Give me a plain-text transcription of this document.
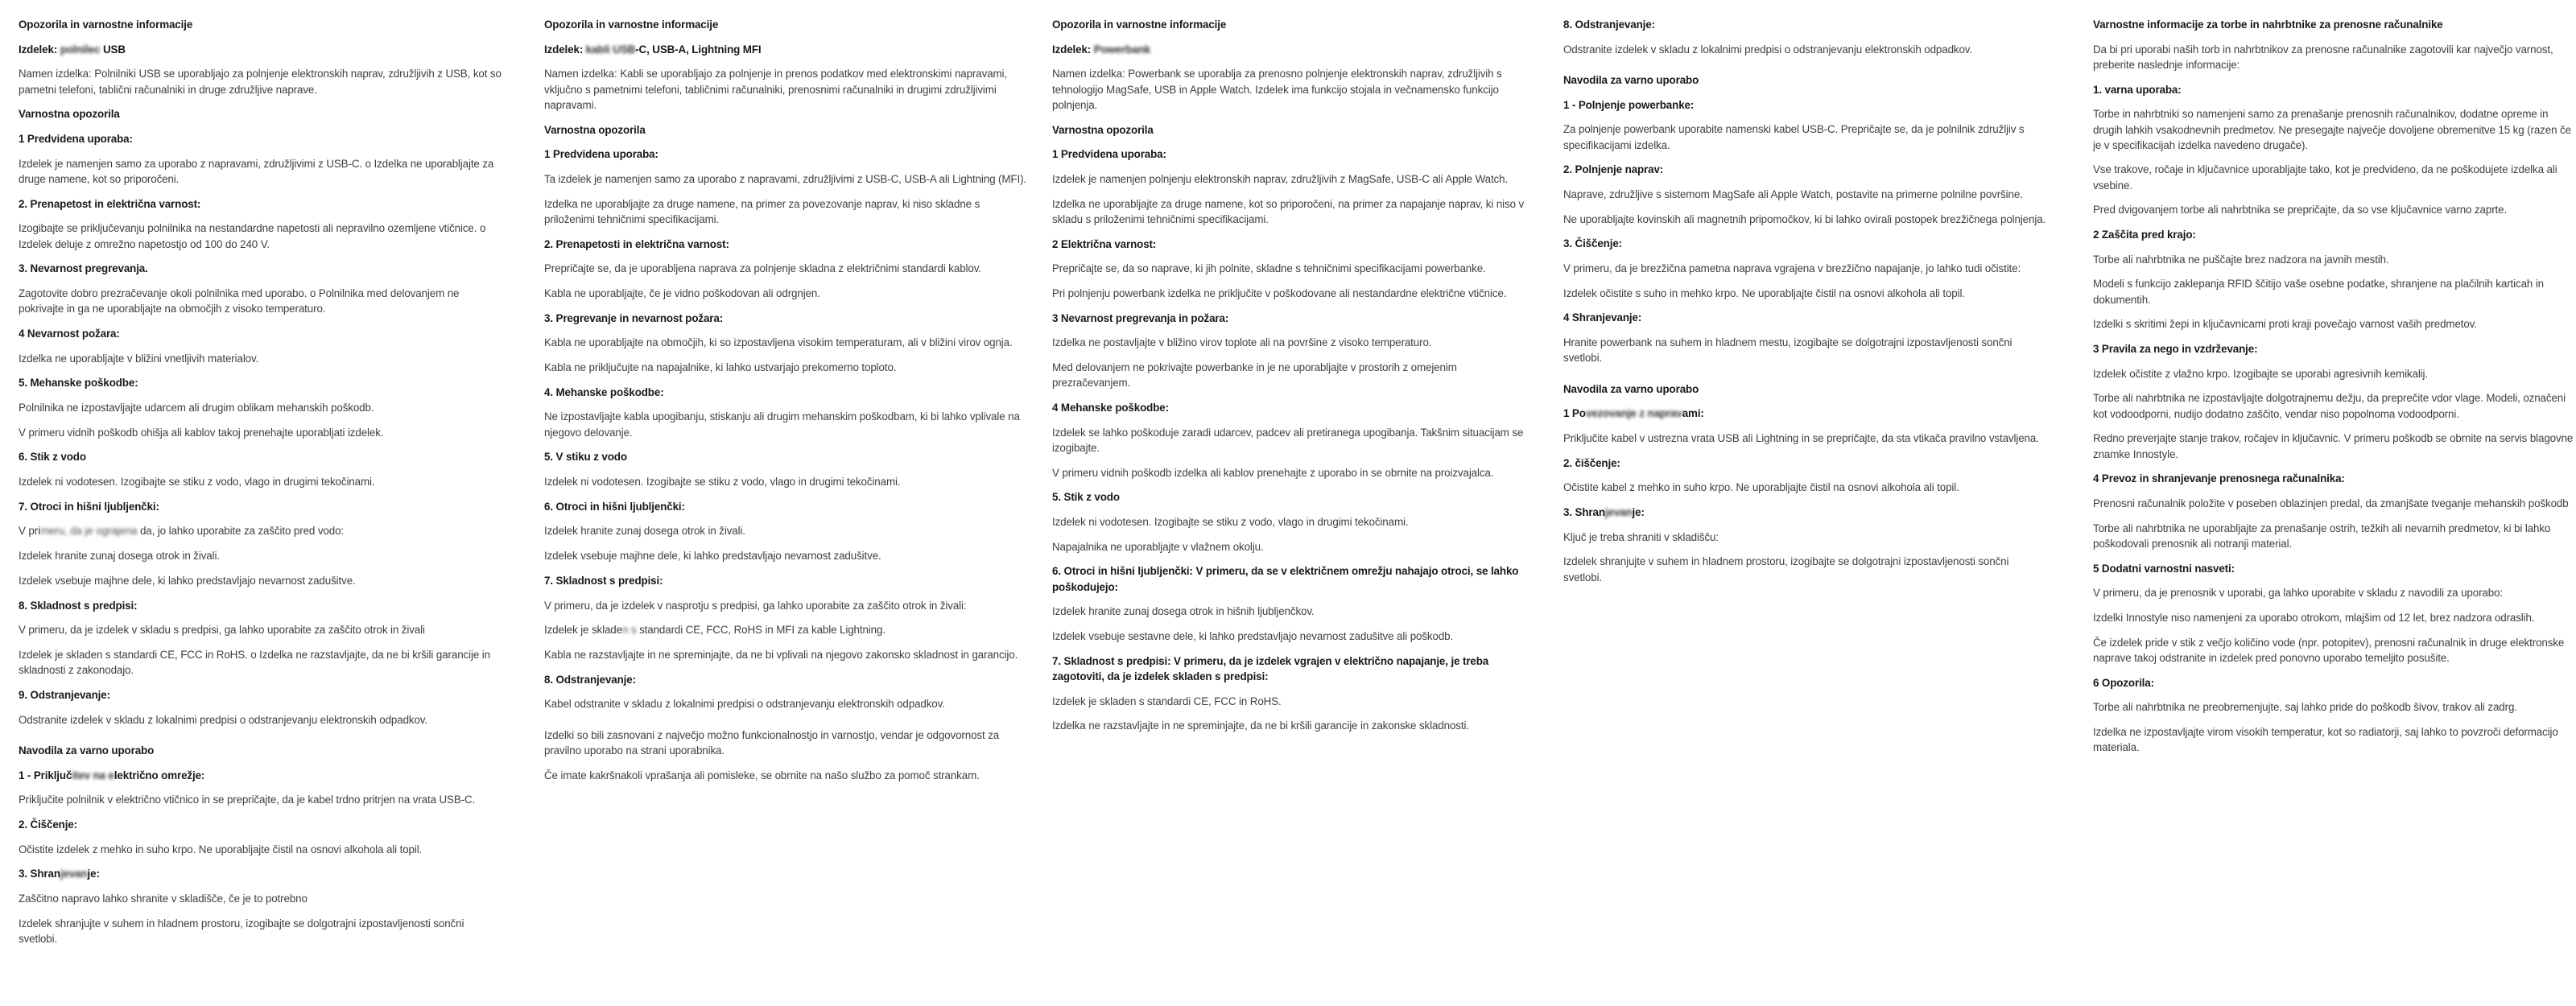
Opozorila in varnostne informacije
Izdelek: polnilec USB

Namen izdelka: Polnilniki USB se uporabljajo za polnjenje elektronskih naprav, združljivih z USB, kot so pametni telefoni, tablični računalniki in druge združljive naprave.

Varnostna opozorila
1 Predvidena uporaba:

Izdelek je namenjen samo za uporabo z napravami, združljivimi z USB-C. o Izdelka ne uporabljajte za druge namene, kot so priporočeni.

2. Prenapetost in električna varnost:

Izogibajte se priključevanju polnilnika na nestandardne napetosti ali nepravilno ozemljene vtičnice. o Izdelek deluje z omrežno napetostjo od 100 do 240 V.

3. Nevarnost pregrevanja.

Zagotovite dobro prezračevanje okoli polnilnika med uporabo. o Polnilnika med delovanjem ne pokrivajte in ga ne uporabljajte na območjih z visoko temperaturo.

4 Nevarnost požara:

Izdelka ne uporabljajte v bližini vnetljivih materialov.

5. Mehanske poškodbe:

Polnilnika ne izpostavljajte udarcem ali drugim oblikam mehanskih poškodb.

V primeru vidnih poškodb ohišja ali kablov takoj prenehajte uporabljati izdelek.

6. Stik z vodo

Izdelek ni vodotesen. Izogibajte se stiku z vodo, vlago in drugimi tekočinami.

7. Otroci in hišni ljubljenčki:

V primeru, da je ograjena da, jo lahko uporabite za zaščito pred vodo:

Izdelek hranite zunaj dosega otrok in živali.

Izdelek vsebuje majhne dele, ki lahko predstavljajo nevarnost zadušitve.

8. Skladnost s predpisi:

V primeru, da je izdelek v skladu s predpisi, ga lahko uporabite za zaščito otrok in živali

Izdelek je skladen s standardi CE, FCC in RoHS. o Izdelka ne razstavljajte, da ne bi kršili garancije in skladnosti z zakonodajo.

9. Odstranjevanje:

Odstranite izdelek v skladu z lokalnimi predpisi o odstranjevanju elektronskih odpadkov.

Navodila za varno uporabo
1 - Priključitev na električno omrežje:

Priključite polnilnik v električno vtičnico in se prepričajte, da je kabel trdno pritrjen na vrata USB-C.

2. Čiščenje:

Očistite izdelek z mehko in suho krpo. Ne uporabljajte čistil na osnovi alkohola ali topil.

3. Shranjevanje:

Zaščitno napravo lahko shranite v skladišče, če je to potrebno

Izdelek shranjujte v suhem in hladnem prostoru, izogibajte se dolgotrajni izpostavljenosti sončni svetlobi.

Opozorila in varnostne informacije
Izdelek: kabli USB-C, USB-A, Lightning MFI

Namen izdelka: Kabli se uporabljajo za polnjenje in prenos podatkov med elektronskimi napravami, vključno s pametnimi telefoni, tabličnimi računalniki, prenosnimi računalniki in drugimi združljivimi napravami.

Varnostna opozorila
1 Predvidena uporaba:

Ta izdelek je namenjen samo za uporabo z napravami, združljivimi z USB-C, USB-A ali Lightning (MFI).

Izdelka ne uporabljajte za druge namene, na primer za povezovanje naprav, ki niso skladne s priloženimi tehničnimi specifikacijami.

2. Prenapetosti in električna varnost:

Prepričajte se, da je uporabljena naprava za polnjenje skladna z električnimi standardi kablov.

Kabla ne uporabljajte, če je vidno poškodovan ali odrgnjen.

3. Pregrevanje in nevarnost požara:

Kabla ne uporabljajte na območjih, ki so izpostavljena visokim temperaturam, ali v bližini virov ognja.

Kabla ne priključujte na napajalnike, ki lahko ustvarjajo prekomerno toploto.

4. Mehanske poškodbe:

Ne izpostavljajte kabla upogibanju, stiskanju ali drugim mehanskim poškodbam, ki bi lahko vplivale na njegovo delovanje.

5. V stiku z vodo

Izdelek ni vodotesen. Izogibajte se stiku z vodo, vlago in drugimi tekočinami.

6. Otroci in hišni ljubljenčki:

Izdelek hranite zunaj dosega otrok in živali.

Izdelek vsebuje majhne dele, ki lahko predstavljajo nevarnost zadušitve.

7. Skladnost s predpisi:

V primeru, da je izdelek v nasprotju s predpisi, ga lahko uporabite za zaščito otrok in živali:

Izdelek je skladen s standardi CE, FCC, RoHS in MFI za kable Lightning.

Kabla ne razstavljajte in ne spreminjajte, da ne bi vplivali na njegovo zakonsko skladnost in garancijo.

8. Odstranjevanje:

Kabel odstranite v skladu z lokalnimi predpisi o odstranjevanju elektronskih odpadkov.

Izdelki so bili zasnovani z največjo možno funkcionalnostjo in varnostjo, vendar je odgovornost za pravilno uporabo na strani uporabnika.

Če imate kakršnakoli vprašanja ali pomisleke, se obrnite na našo službo za pomoč strankam.

Opozorila in varnostne informacije
Izdelek: Powerbank

Namen izdelka: Powerbank se uporablja za prenosno polnjenje elektronskih naprav, združljivih s tehnologijo MagSafe, USB in Apple Watch. Izdelek ima funkcijo stojala in večnamensko funkcijo polnjenja.

Varnostna opozorila
1 Predvidena uporaba:

Izdelek je namenjen polnjenju elektronskih naprav, združljivih z MagSafe, USB-C ali Apple Watch.

Izdelka ne uporabljajte za druge namene, kot so priporočeni, na primer za napajanje naprav, ki niso v skladu s priloženimi tehničnimi specifikacijami.

2 Električna varnost:

Prepričajte se, da so naprave, ki jih polnite, skladne s tehničnimi specifikacijami powerbanke.

Pri polnjenju powerbank izdelka ne priključite v poškodovane ali nestandardne električne vtičnice.

3 Nevarnost pregrevanja in požara:

Izdelka ne postavljajte v bližino virov toplote ali na površine z visoko temperaturo.

Med delovanjem ne pokrivajte powerbanke in je ne uporabljajte v prostorih z omejenim prezračevanjem.

4 Mehanske poškodbe:

Izdelek se lahko poškoduje zaradi udarcev, padcev ali pretiranega upogibanja. Takšnim situacijam se izogibajte.

V primeru vidnih poškodb izdelka ali kablov prenehajte z uporabo in se obrnite na proizvajalca.

5. Stik z vodo

Izdelek ni vodotesen. Izogibajte se stiku z vodo, vlago in drugimi tekočinami.

Napajalnika ne uporabljajte v vlažnem okolju.

6. Otroci in hišni ljubljenčki: V primeru, da se v električnem omrežju nahajajo otroci, se lahko poškodujejo:

Izdelek hranite zunaj dosega otrok in hišnih ljubljenčkov.

Izdelek vsebuje sestavne dele, ki lahko predstavljajo nevarnost zadušitve ali poškodb.

7. Skladnost s predpisi: V primeru, da je izdelek vgrajen v električno napajanje, je treba zagotoviti, da je izdelek skladen s predpisi:

Izdelek je skladen s standardi CE, FCC in RoHS.

Izdelka ne razstavljajte in ne spreminjajte, da ne bi kršili garancije in zakonske skladnosti.

8. Odstranjevanje:

Odstranite izdelek v skladu z lokalnimi predpisi o odstranjevanju elektronskih odpadkov.

Navodila za varno uporabo
1 - Polnjenje powerbanke:

Za polnjenje powerbank uporabite namenski kabel USB-C. Prepričajte se, da je polnilnik združljiv s specifikacijami izdelka.

2. Polnjenje naprav:

Naprave, združljive s sistemom MagSafe ali Apple Watch, postavite na primerne polnilne površine.

Ne uporabljajte kovinskih ali magnetnih pripomočkov, ki bi lahko ovirali postopek brezžičnega polnjenja.

3. Čiščenje:

V primeru, da je brezžična pametna naprava vgrajena v brezžično napajanje, jo lahko tudi očistite:

Izdelek očistite s suho in mehko krpo. Ne uporabljajte čistil na osnovi alkohola ali topil.

4 Shranjevanje:

Hranite powerbank na suhem in hladnem mestu, izogibajte se dolgotrajni izpostavljenosti sončni svetlobi.

Navodila za varno uporabo
1 Povezovanje z napravami:

Priključite kabel v ustrezna vrata USB ali Lightning in se prepričajte, da sta vtikača pravilno vstavljena.

2. čiščenje:

Očistite kabel z mehko in suho krpo. Ne uporabljajte čistil na osnovi alkohola ali topil.

3. Shranjevanje:

Ključ je treba shraniti v skladišču:

Izdelek shranjujte v suhem in hladnem prostoru, izogibajte se dolgotrajni izpostavljenosti sončni svetlobi.

Varnostne informacije za torbe in nahrbtnike za prenosne računalnike

Da bi pri uporabi naših torb in nahrbtnikov za prenosne računalnike zagotovili kar največjo varnost, preberite naslednje informacije:

1. varna uporaba:

Torbe in nahrbtniki so namenjeni samo za prenašanje prenosnih računalnikov, dodatne opreme in drugih lahkih vsakodnevnih predmetov. Ne presegajte največje dovoljene obremenitve 15 kg (razen če je v specifikacijah izdelka navedeno drugače).

Vse trakove, ročaje in ključavnice uporabljajte tako, kot je predvideno, da ne poškodujete izdelka ali vsebine.

Pred dvigovanjem torbe ali nahrbtnika se prepričajte, da so vse ključavnice varno zaprte.

2 Zaščita pred krajo:

Torbe ali nahrbtnika ne puščajte brez nadzora na javnih mestih.

Modeli s funkcijo zaklepanja RFID ščitijo vaše osebne podatke, shranjene na plačilnih karticah in dokumentih.

Izdelki s skritimi žepi in ključavnicami proti kraji povečajo varnost vaših predmetov.

3 Pravila za nego in vzdrževanje:

Izdelek očistite z vlažno krpo. Izogibajte se uporabi agresivnih kemikalij.

Torbe ali nahrbtnika ne izpostavljajte dolgotrajnemu dežju, da preprečite vdor vlage. Modeli, označeni kot vodoodporni, nudijo dodatno zaščito, vendar niso popolnoma vodoodporni.

Redno preverjajte stanje trakov, ročajev in ključavnic. V primeru poškodb se obrnite na servis blagovne znamke Innostyle.

4 Prevoz in shranjevanje prenosnega računalnika:

Prenosni računalnik položite v poseben oblazinjen predal, da zmanjšate tveganje mehanskih poškodb

Torbe ali nahrbtnika ne uporabljajte za prenašanje ostrih, težkih ali nevarnih predmetov, ki bi lahko poškodovali prenosnik ali notranji material.

5 Dodatni varnostni nasveti:

V primeru, da je prenosnik v uporabi, ga lahko uporabite v skladu z navodili za uporabo:

Izdelki Innostyle niso namenjeni za uporabo otrokom, mlajšim od 12 let, brez nadzora odraslih.

Če izdelek pride v stik z večjo količino vode (npr. potopitev), prenosni računalnik in druge elektronske naprave takoj odstranite in izdelek pred ponovno uporabo temeljito posušite.

6 Opozorila:

Torbe ali nahrbtnika ne preobremenjujte, saj lahko pride do poškodb šivov, trakov ali zadrg.

Izdelka ne izpostavljajte virom visokih temperatur, kot so radiatorji, saj lahko to povzroči deformacijo materiala.
